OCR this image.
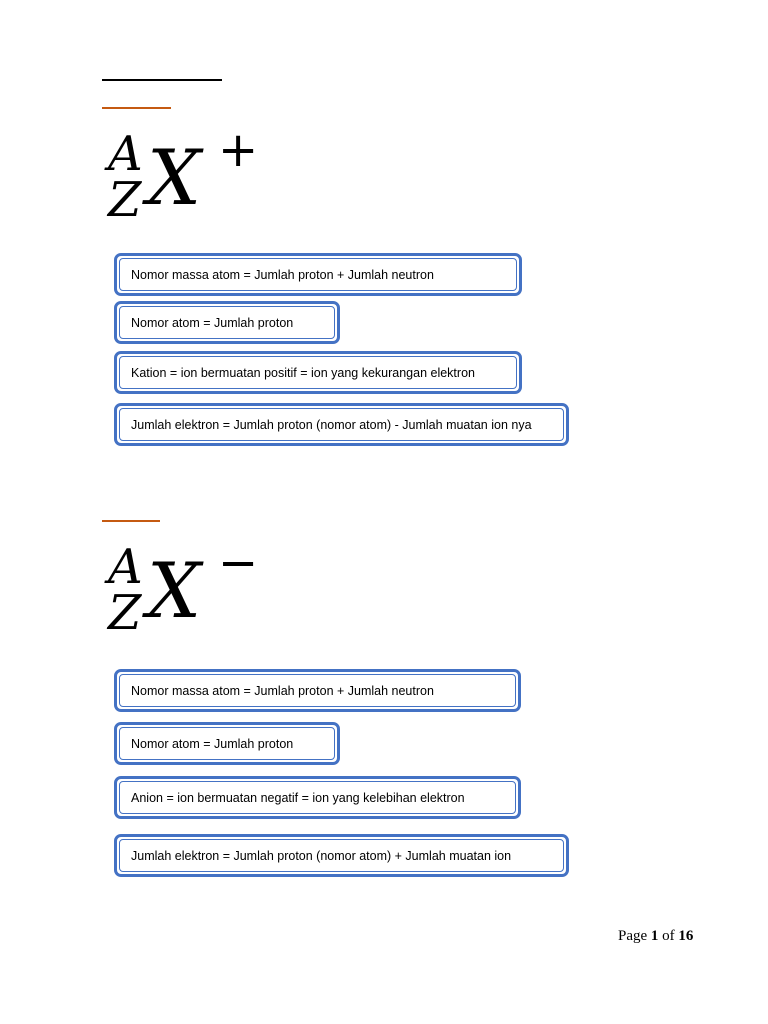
A
Z X +
Nomor massa atom = Jumlah proton + Jumlah neutron
Nomor atom = Jumlah proton
Kation = ion bermuatan positif = ion yang kekurangan elektron
Jumlah elektron = Jumlah proton (nomor atom) - Jumlah muatan ion nya
A
Z X −
Nomor massa atom = Jumlah proton + Jumlah neutron
Nomor atom = Jumlah proton
Anion = ion bermuatan negatif = ion yang kelebihan elektron
Jumlah elektron = Jumlah proton (nomor atom) + Jumlah muatan ion
Page 1 of 16
